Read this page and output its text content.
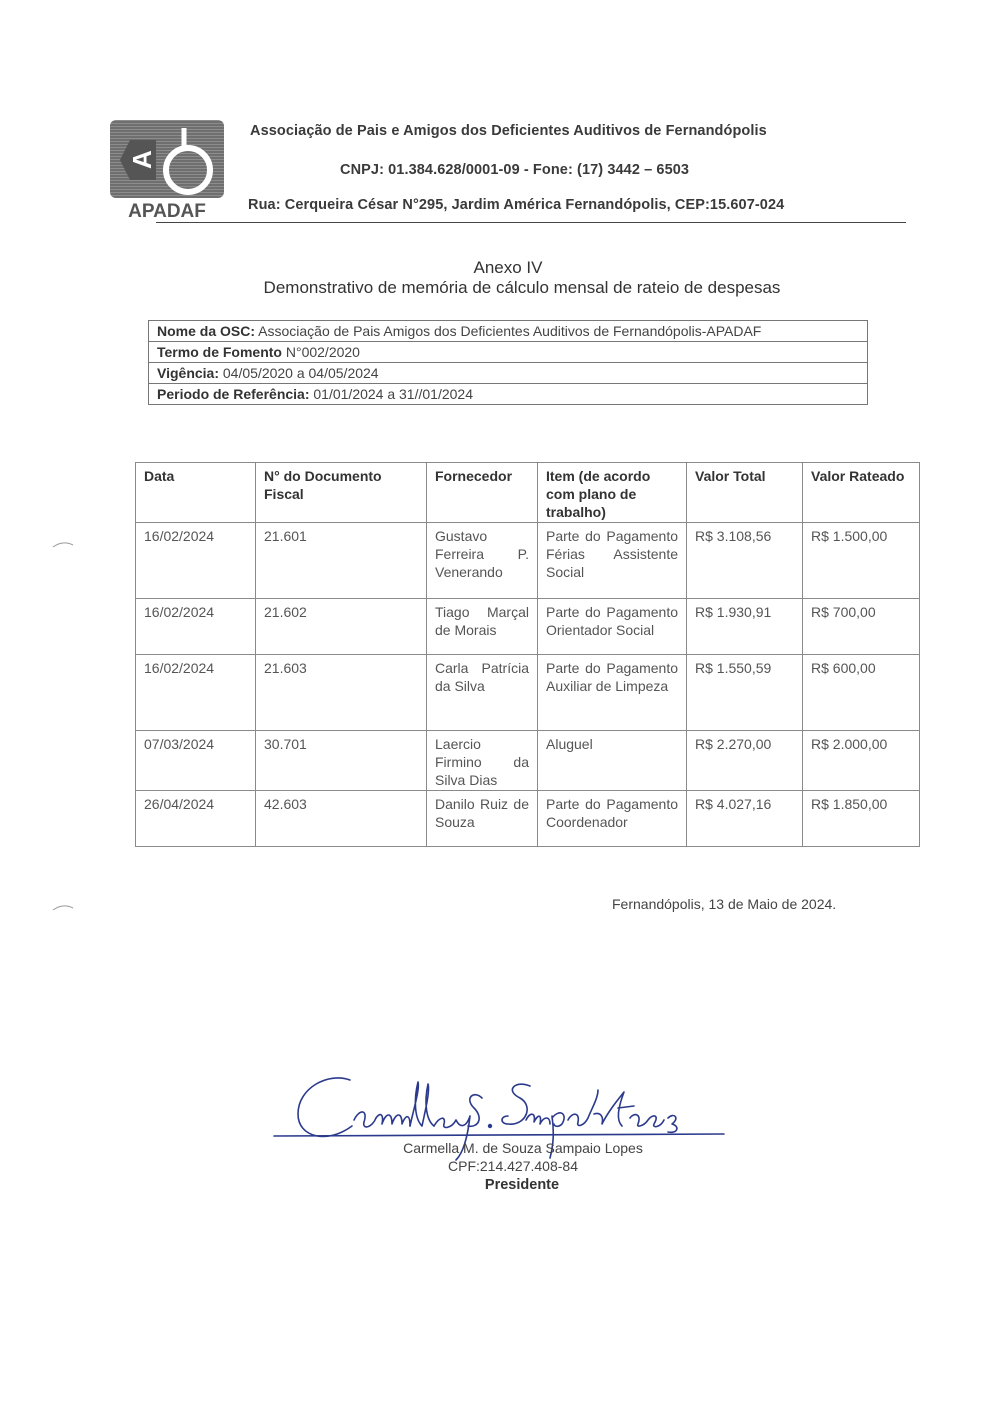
A
APADAF
Associação de Pais e Amigos dos Deficientes Auditivos de Fernandópolis
CNPJ: 01.384.628/0001-09 - Fone: (17) 3442 – 6503
Rua: Cerqueira César N°295, Jardim América Fernandópolis, CEP:15.607-024
Anexo IV
Demonstrativo de memória de cálculo mensal de rateio de despesas
Nome da OSC: Associação de Pais Amigos dos Deficientes Auditivos de Fernandópolis-APADAF
Termo de Fomento N°002/2020
Vigência: 04/05/2020 a 04/05/2024
Periodo de Referência: 01/01/2024 a 31//01/2024
Data	N° do Documento Fiscal	Fornecedor	Item (de acordo com plano de trabalho)	Valor Total	Valor Rateado
16/02/2024	21.601	Gustavo Ferreira P. Venerando	Parte do Pagamento Férias Assistente Social	R$ 3.108,56	R$ 1.500,00
16/02/2024	21.602	Tiago Marçal de Morais	Parte do Pagamento Orientador Social	R$ 1.930,91	R$ 700,00
16/02/2024	21.603	Carla Patrícia da Silva	Parte do Pagamento Auxiliar de Limpeza	R$ 1.550,59	R$ 600,00
07/03/2024	30.701	Laercio Firmino da Silva Dias	Aluguel	R$ 2.270,00	R$ 2.000,00
26/04/2024	42.603	Danilo Ruiz de Souza	Parte do Pagamento Coordenador	R$ 4.027,16	R$ 1.850,00
Fernandópolis, 13 de Maio de 2024.
Carmella M. de Souza Sampaio Lopes
CPF:214.427.408-84
Presidente
